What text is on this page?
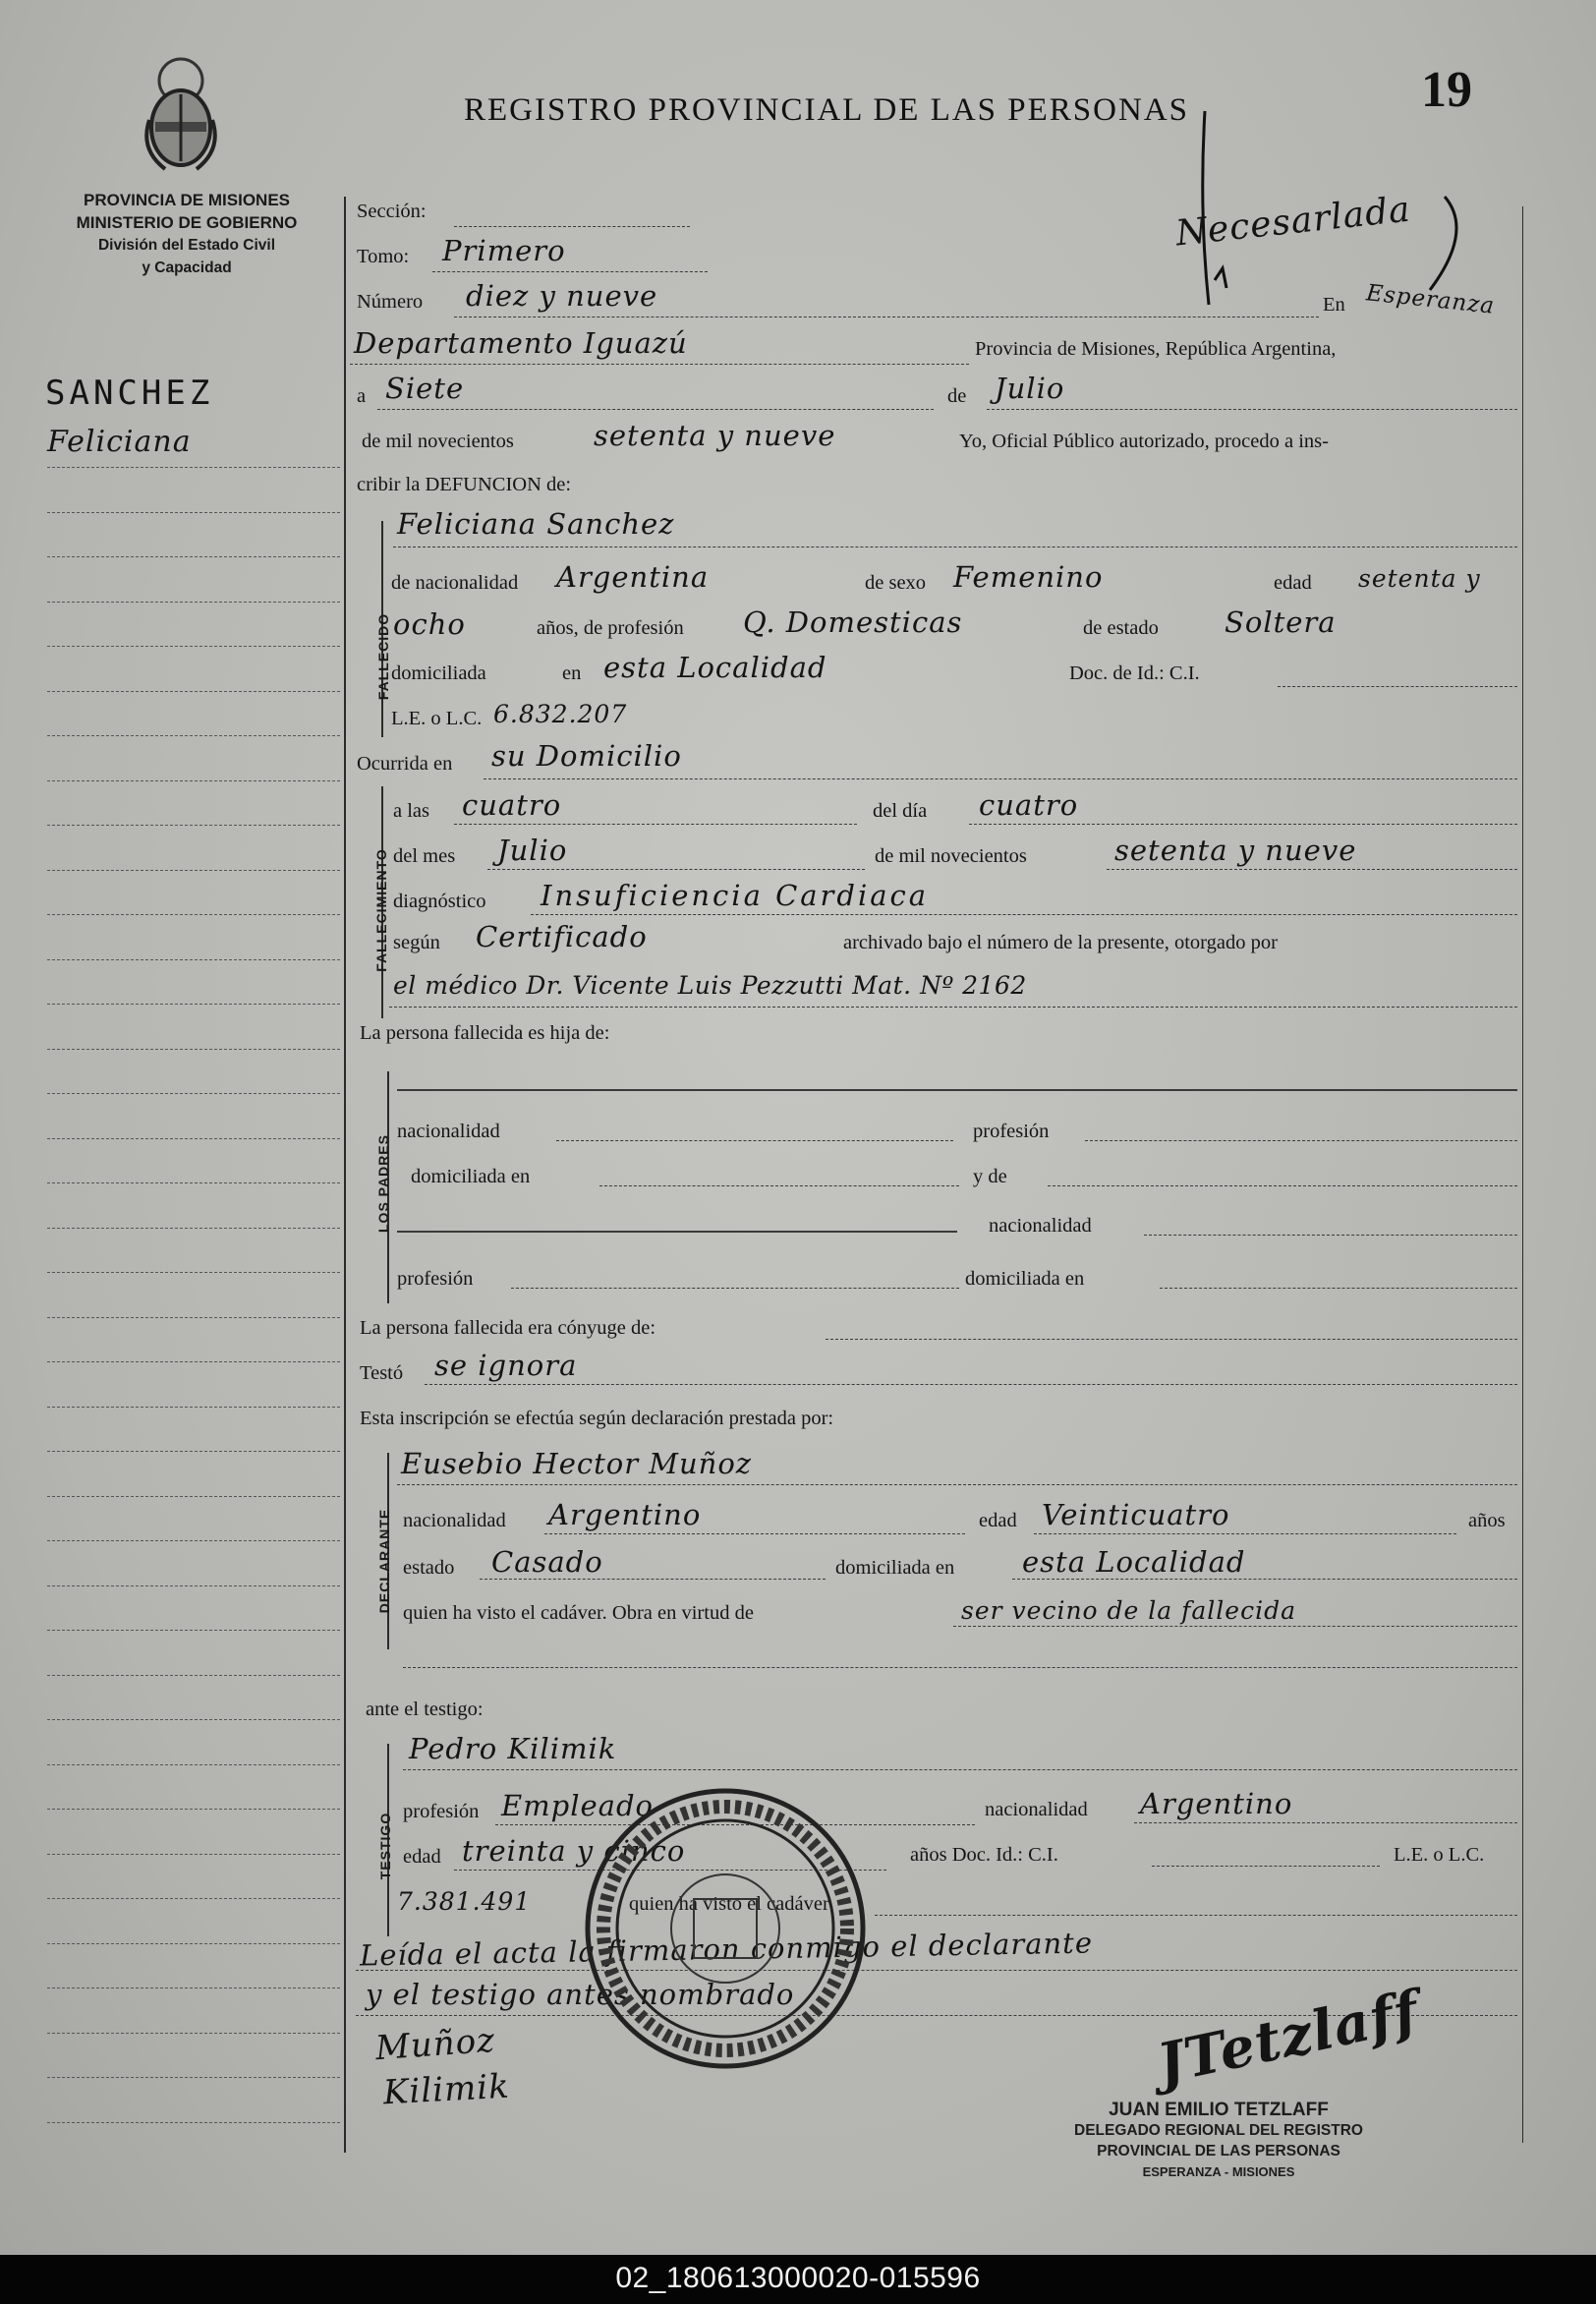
PROVINCIA DE MISIONES
MINISTERIO DE GOBIERNO
División del Estado Civil
y Capacidad
REGISTRO PROVINCIAL DE LAS PERSONAS	19
Necesarlada
SANCHEZ
Feliciana
Sección:
Tomo: Primero
Número diez y nueve	En Esperanza
Departamento Iguazú	Provincia de Misiones, República Argentina,
a Siete	de Julio
de mil novecientos	setenta y nueve	Yo, Oficial Público autorizado, procedo a ins-
cribir la DEFUNCION de:
FALLECIDO
Feliciana Sanchez
de nacionalidad Argentina	de sexo Femenino	edad setenta y
ocho	años, de profesión Q. Domesticas	de estado Soltera
domiciliada	en esta Localidad	Doc. de Id.: C.I.
L.E. o L.C. 6.832.207
Ocurrida en su Domicilio
FALLECIMIENTO
a las cuatro	del día cuatro
del mes Julio	de mil novecientos	setenta y nueve
diagnóstico Insuficiencia Cardiaca
según Certificado	archivado bajo el número de la presente, otorgado por
el médico Dr. Vicente Luis Pezzutti Mat. Nº 2162
La persona fallecida es hija de:
LOS PADRES
nacionalidad	profesión
domiciliada en	y de
nacionalidad
profesión	domiciliada en
La persona fallecida era cónyuge de:
Testó se ignora
Esta inscripción se efectúa según declaración prestada por:
DECLARANTE
Eusebio Hector Muñoz
nacionalidad Argentino	edad Veinticuatro	años
estado Casado	domiciliada en esta Localidad
quien ha visto el cadáver. Obra en virtud de	ser vecino de la fallecida
ante el testigo:
TESTIGO
Pedro Kilimik
profesión Empleado	nacionalidad Argentino
edad treinta y cinco	años Doc. Id.: C.I.	L.E. o L.C.
7.381.491	quien ha visto el cadáver
Leída el acta la firmaron conmigo el declarante
y el testigo antes nombrado
Muñoz
Kilimik	JTetzlaff
JUAN EMILIO TETZLAFF
DELEGADO REGIONAL DEL REGISTRO
PROVINCIAL DE LAS PERSONAS
ESPERANZA - MISIONES
02_180613000020-015596
